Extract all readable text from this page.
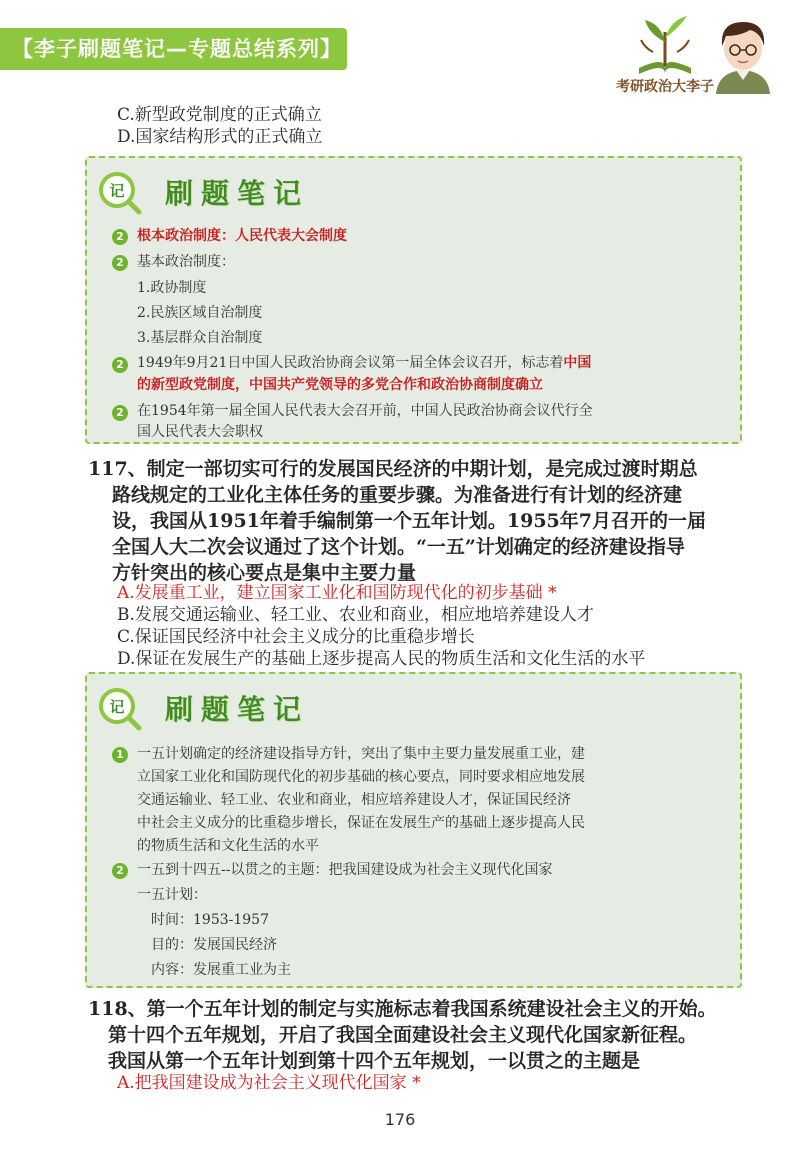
【李子刷题笔记—专题总结系列】
考研政治大李子
C.新型政党制度的正式确立
D.国家结构形式的正式确立
记 刷题笔记
2 根本政治制度：人民代表大会制度
2 基本政治制度：
1.政协制度
2.民族区域自治制度
3.基层群众自治制度
2 1949年9月21日中国人民政治协商会议第一届全体会议召开，标志着中国
的新型政党制度，中国共产党领导的多党合作和政治协商制度确立
2 在1954年第一届全国人民代表大会召开前，中国人民政治协商会议代行全
国人民代表大会职权
117、制定一部切实可行的发展国民经济的中期计划，是完成过渡时期总
路线规定的工业化主体任务的重要步骤。为准备进行有计划的经济建
设，我国从1951年着手编制第一个五年计划。1955年7月召开的一届
全国人大二次会议通过了这个计划。“一五”计划确定的经济建设指导
方针突出的核心要点是集中主要力量
A.发展重工业，建立国家工业化和国防现代化的初步基础 *
B.发展交通运输业、轻工业、农业和商业，相应地培养建设人才
C.保证国民经济中社会主义成分的比重稳步增长
D.保证在发展生产的基础上逐步提高人民的物质生活和文化生活的水平
记 刷题笔记
1 一五计划确定的经济建设指导方针，突出了集中主要力量发展重工业，建
立国家工业化和国防现代化的初步基础的核心要点，同时要求相应地发展
交通运输业、轻工业、农业和商业，相应培养建设人才，保证国民经济
中社会主义成分的比重稳步增长，保证在发展生产的基础上逐步提高人民
的物质生活和文化生活的水平
2 一五到十四五--以贯之的主题：把我国建设成为社会主义现代化国家
一五计划：
时间：1953-1957
目的：发展国民经济
内容：发展重工业为主
118、第一个五年计划的制定与实施标志着我国系统建设社会主义的开始。
第十四个五年规划，开启了我国全面建设社会主义现代化国家新征程。
我国从第一个五年计划到第十四个五年规划，一以贯之的主题是
A.把我国建设成为社会主义现代化国家 *
176
